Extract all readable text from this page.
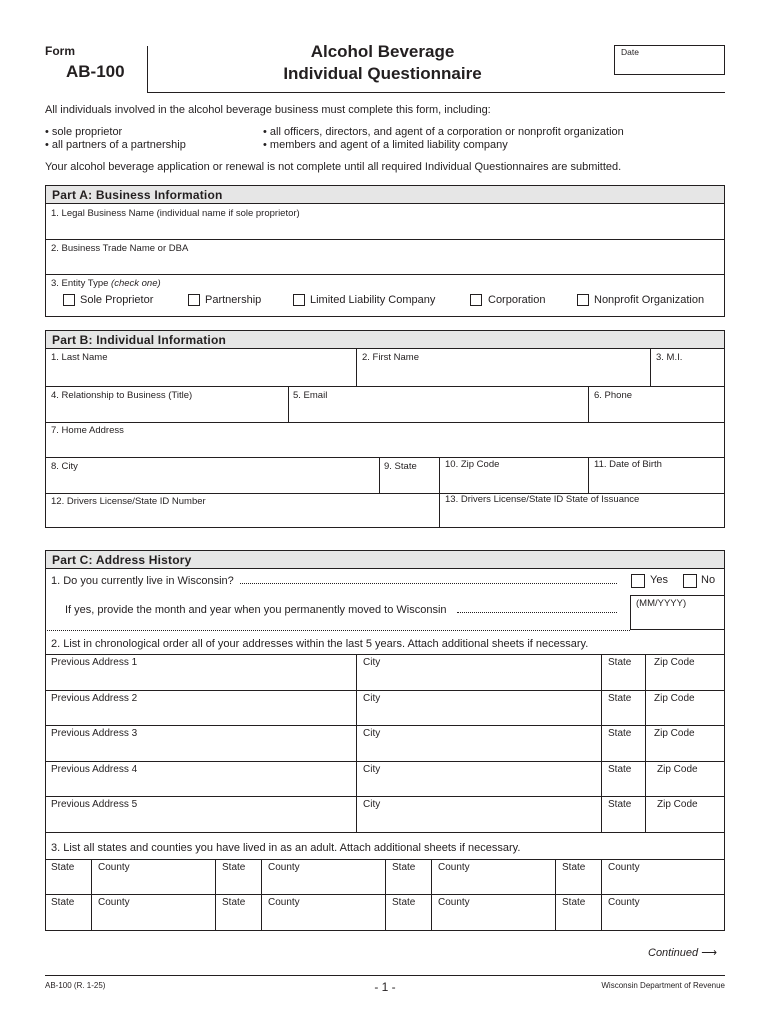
Form
AB-100
Alcohol Beverage
Individual Questionnaire
Date
All individuals involved in the alcohol beverage business must complete this form, including:
• sole proprietor
• all partners of a partnership
• all officers, directors, and agent of a corporation or nonprofit organization
• members and agent of a limited liability company
Your alcohol beverage application or renewal is not complete until all required Individual Questionnaires are submitted.
Part A: Business Information
1. Legal Business Name (individual name if sole proprietor)
2. Business Trade Name or DBA
3. Entity Type (check one)
Sole Proprietor	Partnership	Limited Liability Company	Corporation	Nonprofit Organization
Part B: Individual Information
1. Last Name	2. First Name	3. M.I.
4. Relationship to Business (Title)	5. Email	6. Phone
7. Home Address
8. City	9. State	10. Zip Code	11. Date of Birth
12. Drivers License/State ID Number	13. Drivers License/State ID State of Issuance
Part C: Address History
1. Do you currently live in Wisconsin?	Yes	No
If yes, provide the month and year when you permanently moved to Wisconsin
(MM/YYYY)
2. List in chronological order all of your addresses within the last 5 years. Attach additional sheets if necessary.
Previous Address 1	City	State Zip Code
Previous Address 2	City	State Zip Code
Previous Address 3	City	State Zip Code
Previous Address 4	City	State	Zip Code
Previous Address 5	City	State	Zip Code
3. List all states and counties you have lived in as an adult. Attach additional sheets if necessary.
State County	State County	State County	State County
State County	State County	State County	State County
Continued ⟶
AB-100 (R. 1-25)	- 1 -	Wisconsin Department of Revenue
